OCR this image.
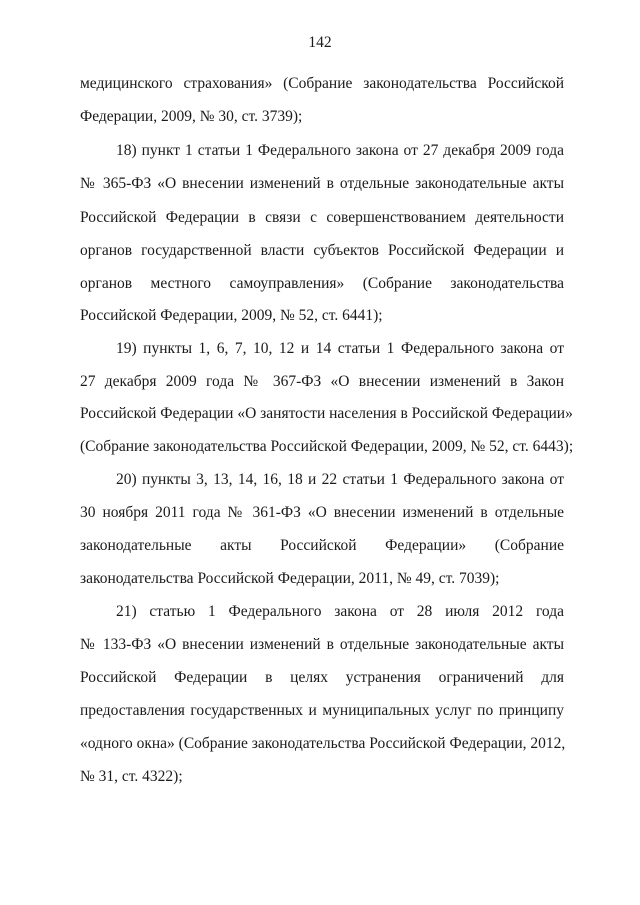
142
медицинского страхования» (Собрание законодательства Российской
Федерации, 2009, № 30, ст. 3739);
18) пункт 1 статьи 1 Федерального закона от 27 декабря 2009 года
№ 365-ФЗ «О внесении изменений в отдельные законодательные акты
Российской Федерации в связи с совершенствованием деятельности
органов государственной власти субъектов Российской Федерации и
органов местного самоуправления» (Собрание законодательства
Российской Федерации, 2009, № 52, ст. 6441);
19) пункты 1, 6, 7, 10, 12 и 14 статьи 1 Федерального закона от
27 декабря 2009 года № 367-ФЗ «О внесении изменений в Закон
Российской Федерации «О занятости населения в Российской Федерации»
(Собрание законодательства Российской Федерации, 2009, № 52, ст. 6443);
20) пункты 3, 13, 14, 16, 18 и 22 статьи 1 Федерального закона от
30 ноября 2011 года № 361-ФЗ «О внесении изменений в отдельные
законодательные акты Российской Федерации» (Собрание
законодательства Российской Федерации, 2011, № 49, ст. 7039);
21) статью 1 Федерального закона от 28 июля 2012 года
№ 133-ФЗ «О внесении изменений в отдельные законодательные акты
Российской Федерации в целях устранения ограничений для
предоставления государственных и муниципальных услуг по принципу
«одного окна» (Собрание законодательства Российской Федерации, 2012,
№ 31, ст. 4322);
